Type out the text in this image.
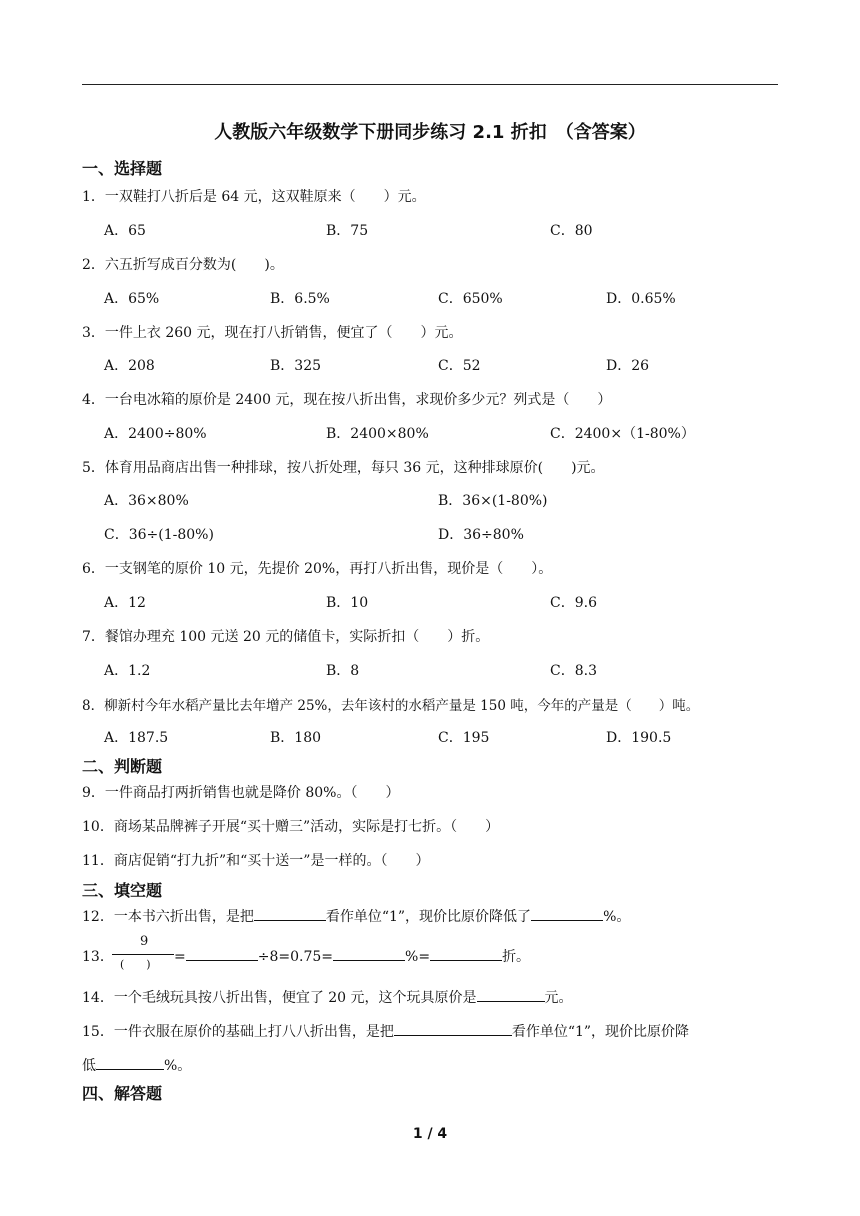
人教版六年级数学下册同步练习 2.1 折扣　（含答案）
一、选择题
1．一双鞋打八折后是 64 元，这双鞋原来（　　）元。
A．65	B．75	C．80
2．六五折写成百分数为(　　)。
A．65%	B．6.5%	C．650%	D．0.65%
3．一件上衣 260 元，现在打八折销售，便宜了（　　）元。
A．208	B．325	C．52	D．26
4．一台电冰箱的原价是 2400 元，现在按八折出售，求现价多少元？列式是（　　）
A．2400÷80%	B．2400×80%	C．2400×（1-80%）
5．体育用品商店出售一种排球，按八折处理，每只 36 元，这种排球原价(　　)元。
A．36×80%	B．36×(1-80%)
C．36÷(1-80%)	D．36÷80%
6．一支钢笔的原价 10 元，先提价 20%，再打八折出售，现价是（　　）。
A．12	B．10	C．9.6
7．餐馆办理充 100 元送 20 元的储值卡，实际折扣（　　）折。
A．1.2	B．8	C．8.3
8．柳新村今年水稻产量比去年增产 25%，去年该村的水稻产量是 150 吨，今年的产量是（　　）吨。
A．187.5	B．180	C．195	D．190.5
二、判断题
9．一件商品打两折销售也就是降价 80%。（　　）
10．商场某品牌裤子开展“买十赠三”活动，实际是打七折。（　　）
11．商店促销“打九折”和“买十送一”是一样的。（　　）
三、填空题
12．一本书六折出售，是把	看作单位“1”，现价比原价降低了	%。
13．
9
(　　) =	÷8=0.75=	%=	折。
14．一个毛绒玩具按八折出售，便宜了 20 元，这个玩具原价是	元。
15．一件衣服在原价的基础上打八八折出售，是把	看作单位“1”，现价比原价降
低	%。
四、解答题
1 / 4
